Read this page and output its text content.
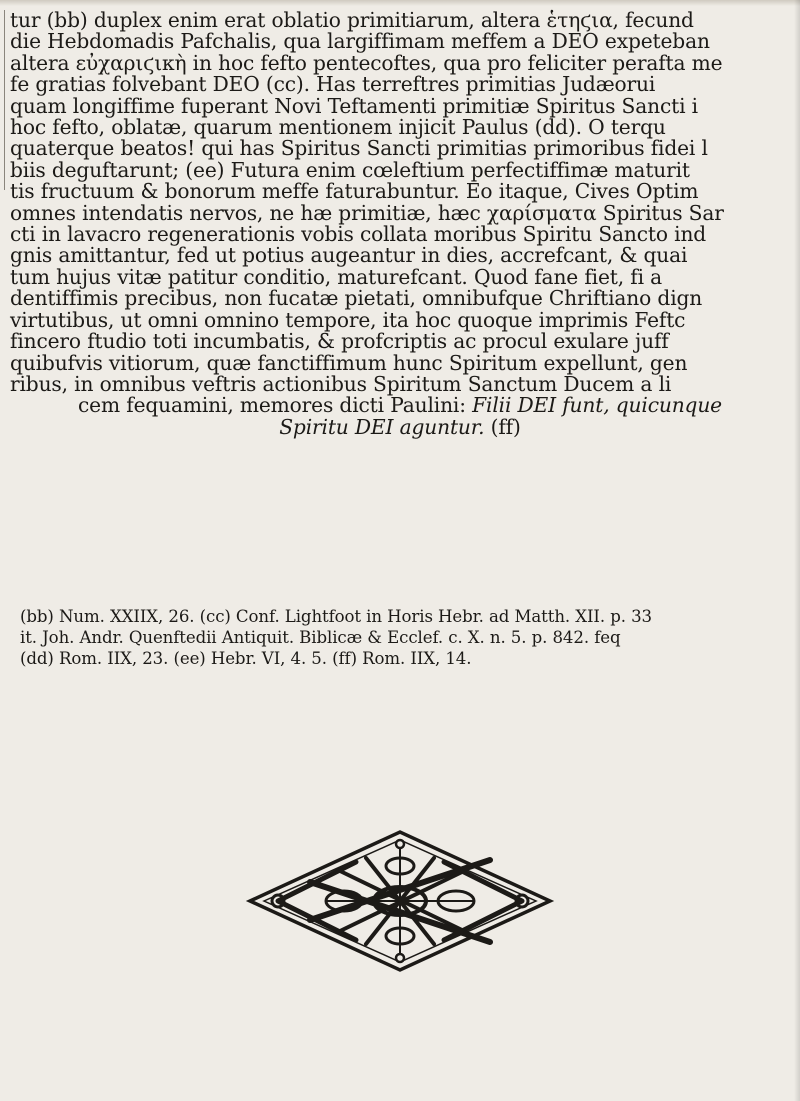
tur (bb) duplex enim erat oblatio primitiarum, altera ἑτηϛια, fecund
die Hebdomadis Pafchalis, qua largiffimam meffem a DEO expeteban
altera εὐχαριϛικὴ in hoc fefto pentecoftes, qua pro feliciter perafta me
fe gratias folvebant DEO (cc). Has terreftres primitias Judæorui
quam longiffime fuperant Novi Teftamenti primitiæ Spiritus Sancti i
hoc fefto, oblatæ, quarum mentionem injicit Paulus (dd). O terqu
quaterque beatos! qui has Spiritus Sancti primitias primoribus fidei l
biis deguftarunt; (ee) Futura enim cœleftium perfectiffimæ maturit
tis fructuum & bonorum meffe faturabuntur. Eo itaque, Cives Optim
omnes intendatis nervos, ne hæ primitiæ, hæc χαρίσματα Spiritus Sar
cti in lavacro regenerationis vobis collata moribus Spiritu Sancto ind
gnis amittantur, fed ut potius augeantur in dies, accrefcant, & quai
tum hujus vitæ patitur conditio, maturefcant. Quod fane fiet, fi a
dentiffimis precibus, non fucatæ pietati, omnibufque Chriftiano dign
virtutibus, ut omni omnino tempore, ita hoc quoque imprimis Feftc
fincero ftudio toti incumbatis, & profcriptis ac procul exulare juff
quibufvis vitiorum, quæ fanctiffimum hunc Spiritum expellunt, gen
ribus, in omnibus veftris actionibus Spiritum Sanctum Ducem a li
cem fequamini, memores dicti Paulini: Filii DEI funt, quicunque
Spiritu DEI aguntur. (ff)
(bb) Num. XXIIX, 26. (cc) Conf. Lightfoot in Horis Hebr. ad Matth. XII. p. 33
it. Joh. Andr. Quenftedii Antiquit. Biblicæ & Ecclef. c. X. n. 5. p. 842. feq
(dd) Rom. IIX, 23. (ee) Hebr. VI, 4. 5. (ff) Rom. IIX, 14.
